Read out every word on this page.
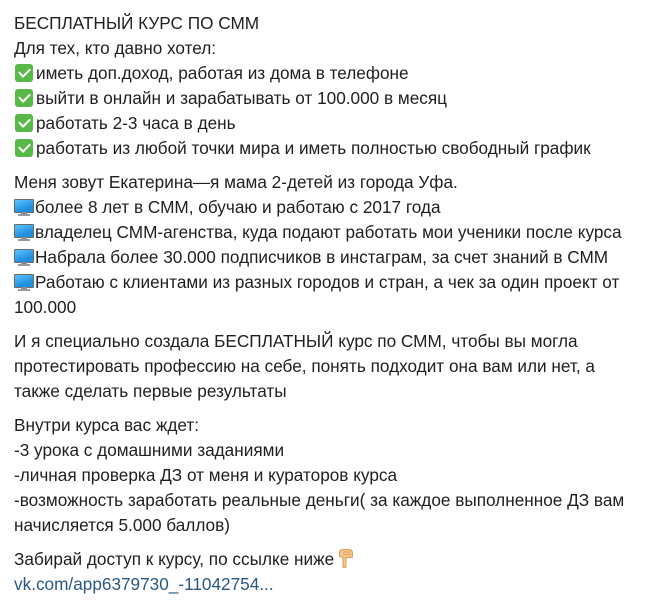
БЕСПЛАТНЫЙ КУРС ПО СММ
Для тех, кто давно хотел:
иметь доп.доход, работая из дома в телефоне
выйти в онлайн и зарабатывать от 100.000 в месяц
работать 2-3 часа в день
работать из любой точки мира и иметь полностью свободный график
Меня зовут Екатерина—я мама 2-детей из города Уфа.
более 8 лет в СММ, обучаю и работаю с 2017 года
владелец СММ-агенства, куда подают работать мои ученики после курса
Набрала более 30.000 подписчиков в инстаграм, за счет знаний в СММ
Работаю с клиентами из разных городов и стран, а чек за один проект от
100.000
И я специально создала БЕСПЛАТНЫЙ курс по СММ, чтобы вы могла
протестировать профессию на себе, понять подходит она вам или нет, а
также сделать первые результаты
Внутри курса вас ждет:
-3 урока с домашними заданиями
-личная проверка ДЗ от меня и кураторов курса
-возможность заработать реальные деньги( за каждое выполненное ДЗ вам
начисляется 5.000 баллов)
Забирай доступ к курсу, по ссылке ниже
vk.com/app6379730_-11042754...
